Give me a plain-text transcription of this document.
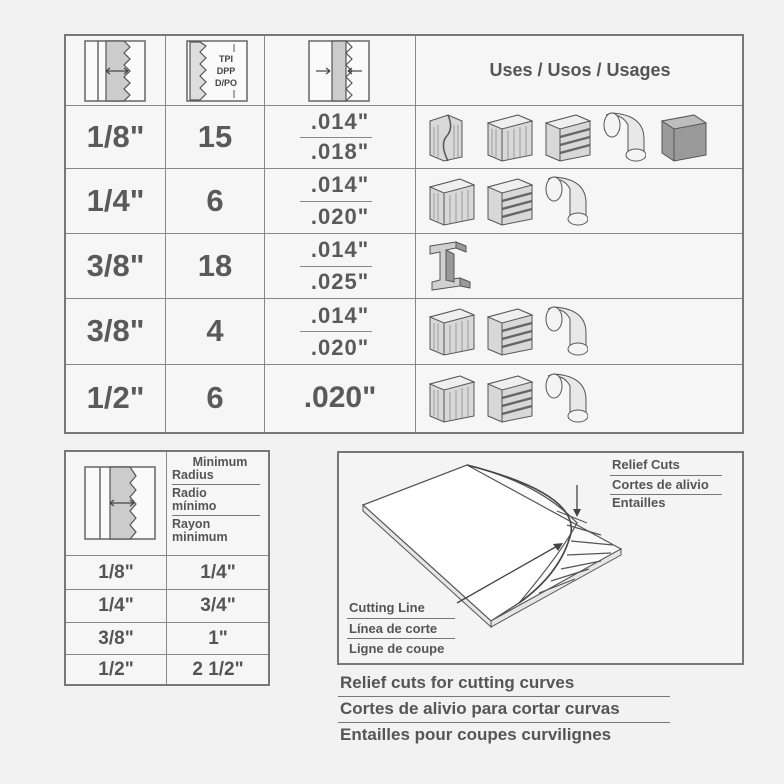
TPI
DPP
D/PO
Uses / Usos / Usages
1/8"	15	.014"
.018"
1/4"	6	.014"
.020"
3/8"	18	.014"
.025"
3/8"	4	.014"
.020"
1/2"	6	.020"
Minimum
Radius
Radio
mínimo
Rayon
minimum
1/8"	1/4"
1/4"	3/4"
3/8"	1"
1/2"	2 1/2"
Relief Cuts
Cortes de alivio
Entailles
Cutting Line
Línea de corte
Ligne de coupe
Relief cuts for cutting curves
Cortes de alivio para cortar curvas
Entailles pour coupes curvilignes
